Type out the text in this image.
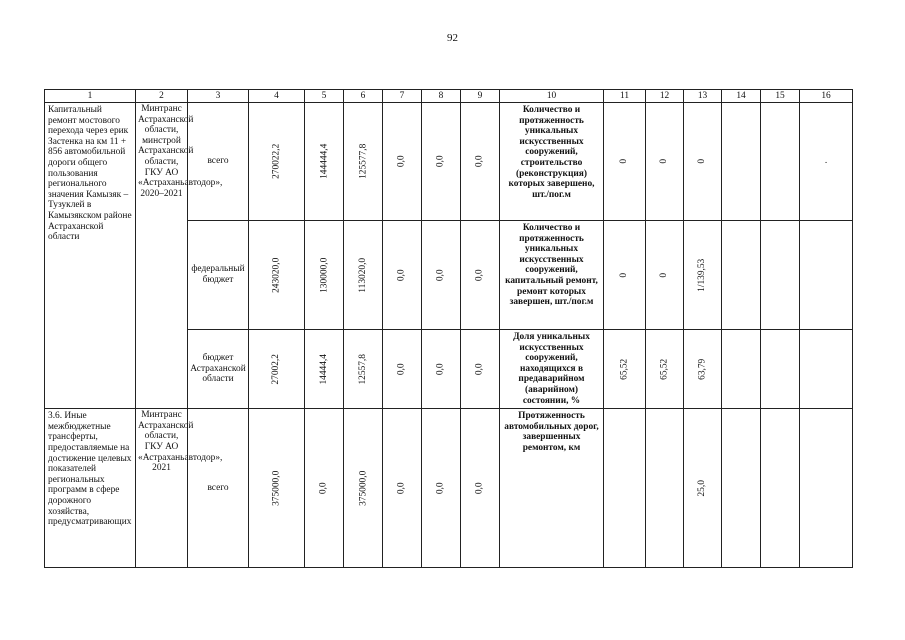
92
1	2	3	4	5	6	7	8	9	10	11	12	13	14	15	16
Капитальный ремонт мостового перехода через ерик Застенка на км 11 + 856 автомобильной дороги общего пользования регионального значения Камызяк – Тузуклей в Камызякском районе Астраханской области	Минтранс Астраханской области, минстрой Астраханской области, ГКУ АО «Астраханьавтодор», 2020–2021	всего	270022,2	144444,4	125577,8	0,0	0,0	0,0	Количество и протяженность уникальных искусственных сооружений, строительство (реконструкция) которых завершено, шт./пог.м	0	0	0			.
		федеральный бюджет	243020,0	130000,0	113020,0	0,0	0,0	0,0	Количество и протяженность уникальных искусственных сооружений, капитальный ремонт, ремонт которых завершен, шт./пог.м	0	0	1/139,53			
		бюджет Астраханской области	27002,2	14444,4	12557,8	0,0	0,0	0,0	Доля уникальных искусственных сооружений, находящихся в предаварийном (аварийном) состоянии, %	65,52	65,52	63,79			
3.6. Иные межбюджетные трансферты, предоставляемые на достижение целевых показателей региональных программ в сфере дорожного хозяйства, предусматривающих	Минтранс Астраханской области, ГКУ АО «Астраханьавтодор», 2021	всего	375000,0	0,0	375000,0	0,0	0,0	0,0	Протяженность автомобильных дорог, завершенных ремонтом, км			25,0			
